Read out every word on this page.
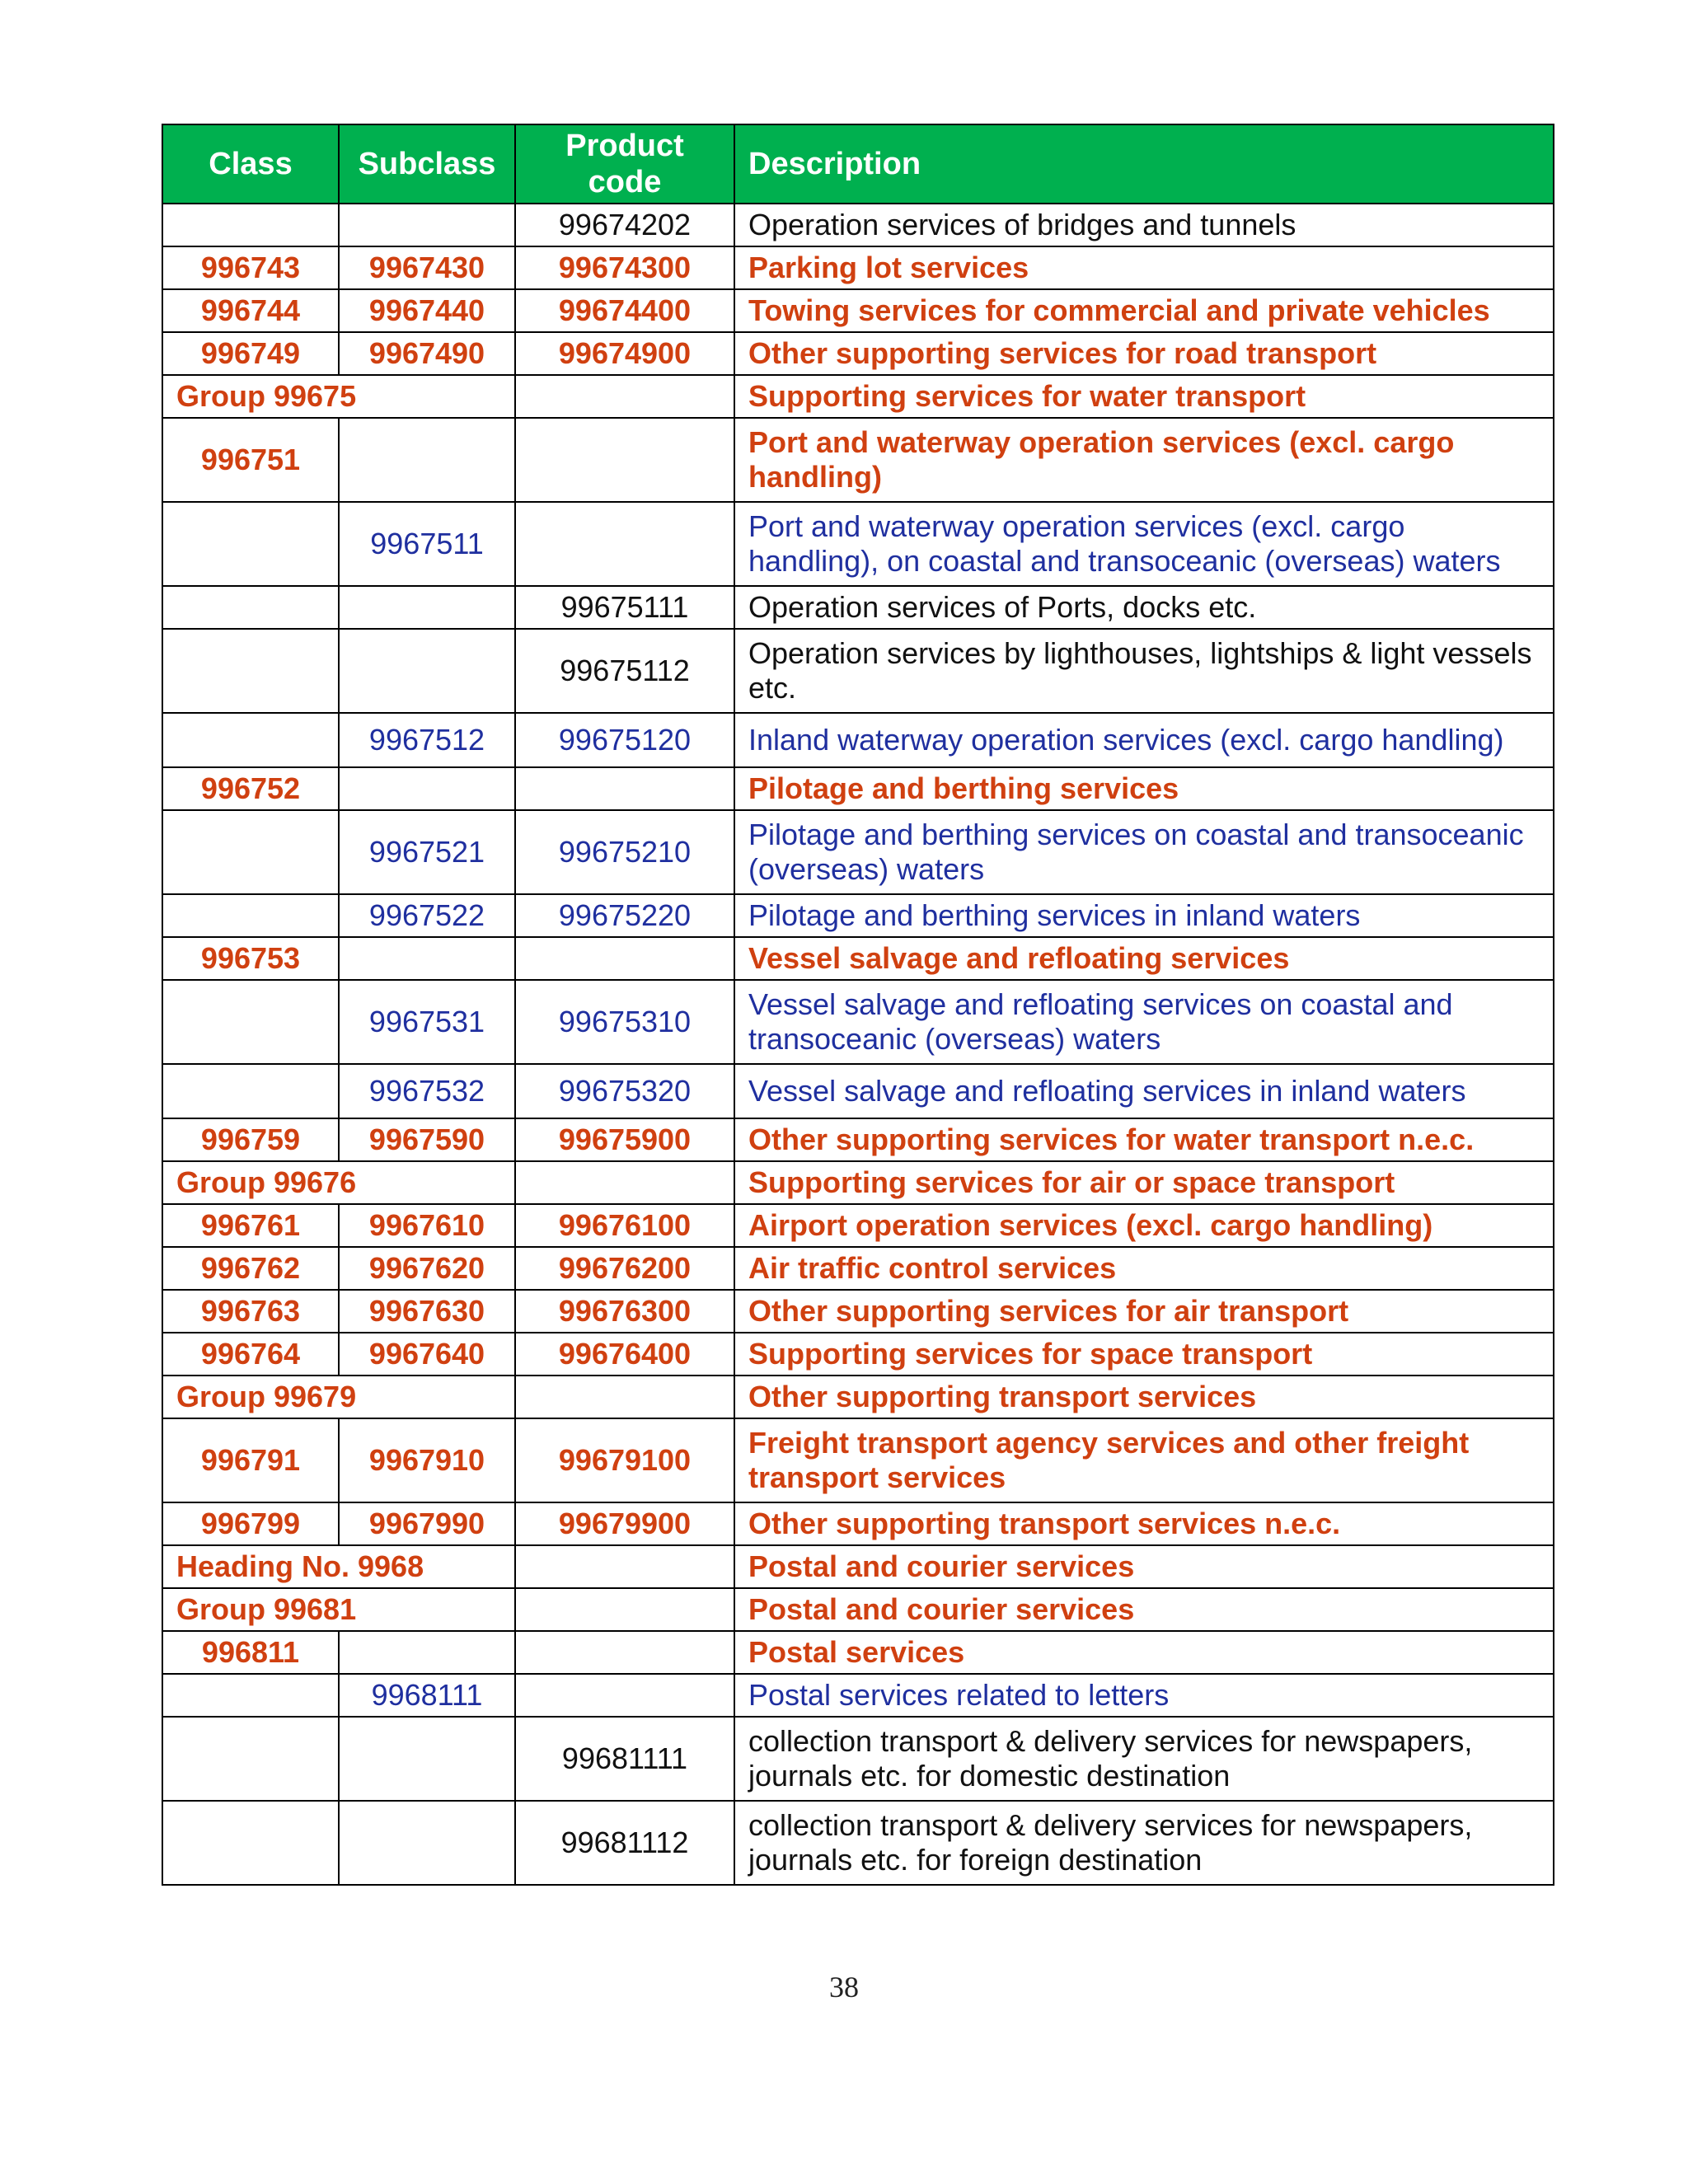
Class	Subclass	Product code	Description
		99674202	Operation services of bridges and tunnels
996743	9967430	99674300	Parking lot services
996744	9967440	99674400	Towing services for commercial and private vehicles
996749	9967490	99674900	Other supporting services for road transport
Group 99675			Supporting services for water transport
996751			Port and waterway operation services (excl. cargo handling)
	9967511		Port and waterway operation services (excl. cargo handling), on coastal and transoceanic (overseas) waters
		99675111	Operation services of Ports, docks etc.
		99675112	Operation services by lighthouses, lightships & light vessels etc.
	9967512	99675120	Inland waterway operation services (excl. cargo handling)
996752			Pilotage and berthing services
	9967521	99675210	Pilotage and berthing services on coastal and transoceanic (overseas) waters
	9967522	99675220	Pilotage and berthing services in inland waters
996753			Vessel salvage and refloating services
	9967531	99675310	Vessel salvage and refloating services on coastal and transoceanic (overseas) waters
	9967532	99675320	Vessel salvage and refloating services in inland waters
996759	9967590	99675900	Other supporting services for water transport n.e.c.
Group 99676			Supporting services for air or space transport
996761	9967610	99676100	Airport operation services (excl. cargo handling)
996762	9967620	99676200	Air traffic control services
996763	9967630	99676300	Other supporting services for air transport
996764	9967640	99676400	Supporting services for space transport
Group 99679			Other supporting transport services
996791	9967910	99679100	Freight transport agency services and other freight transport services
996799	9967990	99679900	Other supporting transport services n.e.c.
Heading No. 9968			Postal and courier services
Group 99681			Postal and courier services
996811			Postal services
	9968111		Postal services related to letters
		99681111	collection transport & delivery services for newspapers, journals etc. for domestic destination
		99681112	collection transport & delivery services for newspapers, journals etc. for foreign destination
38
